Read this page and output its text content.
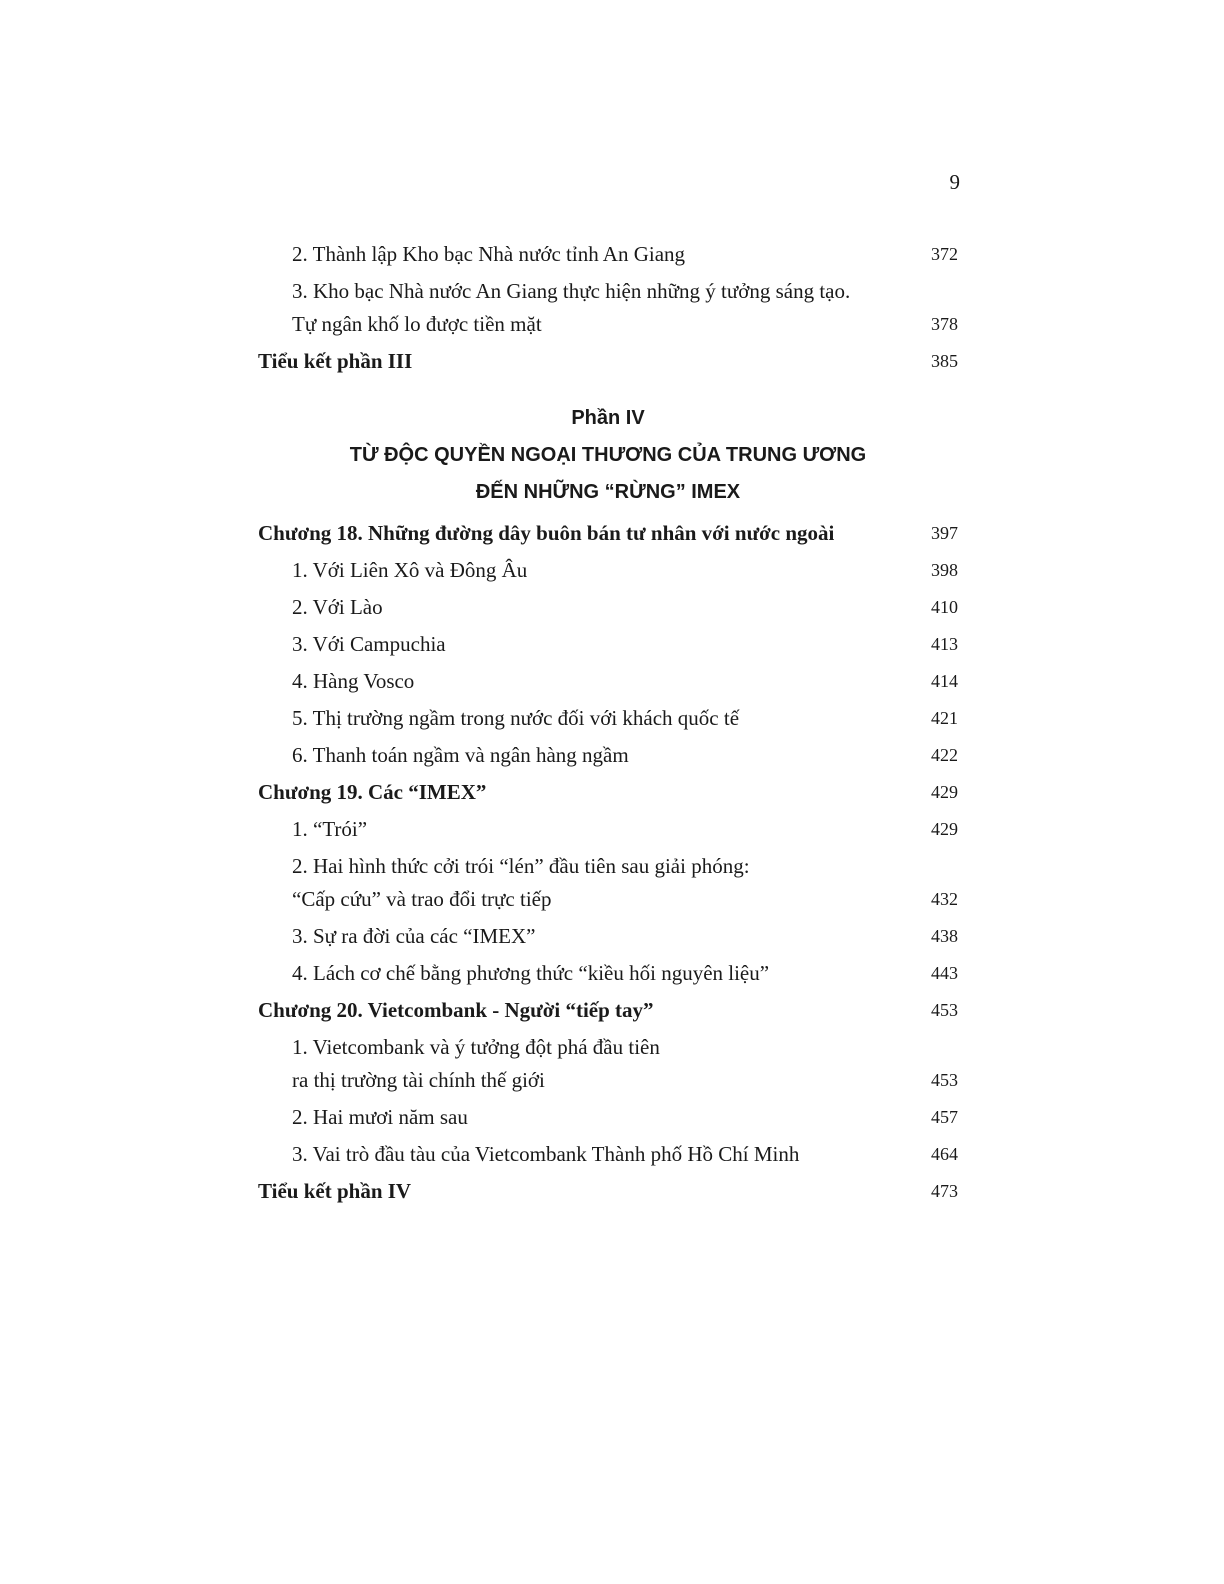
9
2. Thành lập Kho bạc Nhà nước tỉnh An Giang	372
3. Kho bạc Nhà nước An Giang thực hiện những ý tưởng sáng tạo.
Tự ngân khố lo được tiền mặt	378
Tiểu kết phần III	385
Phần IV
TỪ ĐỘC QUYỀN NGOẠI THƯƠNG CỦA TRUNG ƯƠNG
ĐẾN NHỮNG “RỪNG” IMEX
Chương 18. Những đường dây buôn bán tư nhân với nước ngoài	397
1. Với Liên Xô và Đông Âu	398
2. Với Lào	410
3. Với Campuchia	413
4. Hàng Vosco	414
5. Thị trường ngầm trong nước đối với khách quốc tế	421
6. Thanh toán ngầm và ngân hàng ngầm	422
Chương 19. Các “IMEX”	429
1. “Trói”	429
2. Hai hình thức cởi trói “lén” đầu tiên sau giải phóng:
“Cấp cứu” và trao đổi trực tiếp	432
3. Sự ra đời của các “IMEX”	438
4. Lách cơ chế bằng phương thức “kiều hối nguyên liệu”	443
Chương 20. Vietcombank - Người “tiếp tay”	453
1. Vietcombank và ý tưởng đột phá đầu tiên
ra thị trường tài chính thế giới	453
2. Hai mươi năm sau	457
3. Vai trò đầu tàu của Vietcombank Thành phố Hồ Chí Minh	464
Tiểu kết phần IV	473
